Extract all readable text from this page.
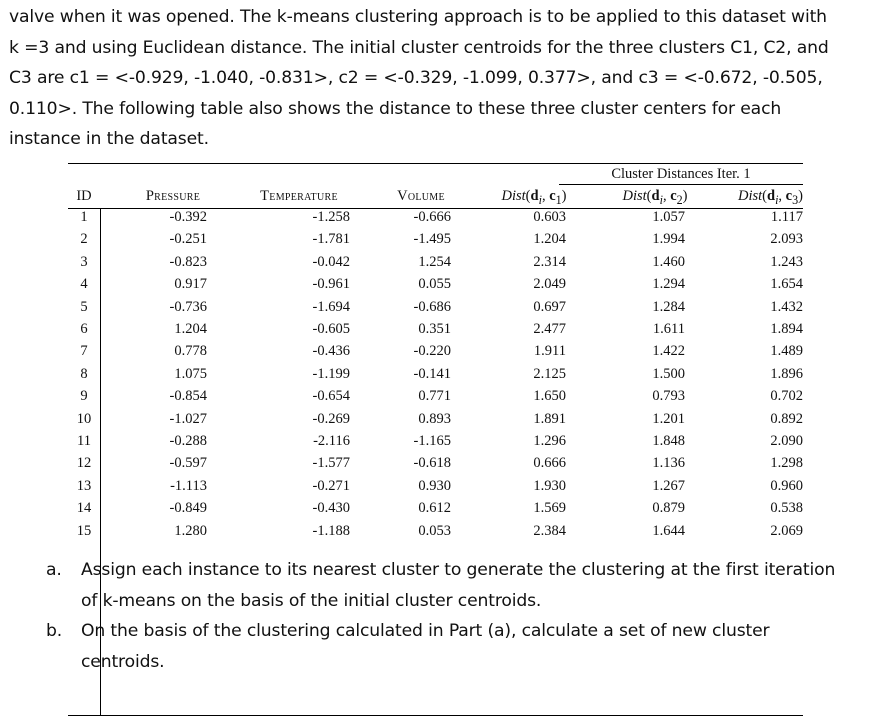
valve when it was opened. The k-means clustering approach is to be applied to this dataset with
k =3 and using Euclidean distance. The initial cluster centroids for the three clusters C1, C2, and
C3 are c1 = <-0.929, -1.040, -0.831>, c2 = <-0.329, -1.099, 0.377>, and c3 = <-0.672, -0.505,
0.110>. The following table also shows the distance to these three cluster centers for each
instance in the dataset.
Cluster Distances Iter. 1
ID	Pressure	Temperature	Volume	$Dist(d_i$, $c_1$)	$Dist(d_i$, $c_2$)	$Dist(d_i$, $c_3$)
1	-0.392	-1.258	-0.666	0.603	1.057	1.117
2	-0.251	-1.781	-1.495	1.204	1.994	2.093
3	-0.823	-0.042	1.254	2.314	1.460	1.243
4	0.917	-0.961	0.055	2.049	1.294	1.654
5	-0.736	-1.694	-0.686	0.697	1.284	1.432
6	1.204	-0.605	0.351	2.477	1.611	1.894
7	0.778	-0.436	-0.220	1.911	1.422	1.489
8	1.075	-1.199	-0.141	2.125	1.500	1.896
9	-0.854	-0.654	0.771	1.650	0.793	0.702
10	-1.027	-0.269	0.893	1.891	1.201	0.892
11	-0.288	-2.116	-1.165	1.296	1.848	2.090
12	-0.597	-1.577	-0.618	0.666	1.136	1.298
13	-1.113	-0.271	0.930	1.930	1.267	0.960
14	-0.849	-0.430	0.612	1.569	0.879	0.538
15	1.280	-1.188	0.053	2.384	1.644	2.069
a. Assign each instance to its nearest cluster to generate the clustering at the first iteration
of k-means on the basis of the initial cluster centroids.
b. On the basis of the clustering calculated in Part (a), calculate a set of new cluster
centroids.
